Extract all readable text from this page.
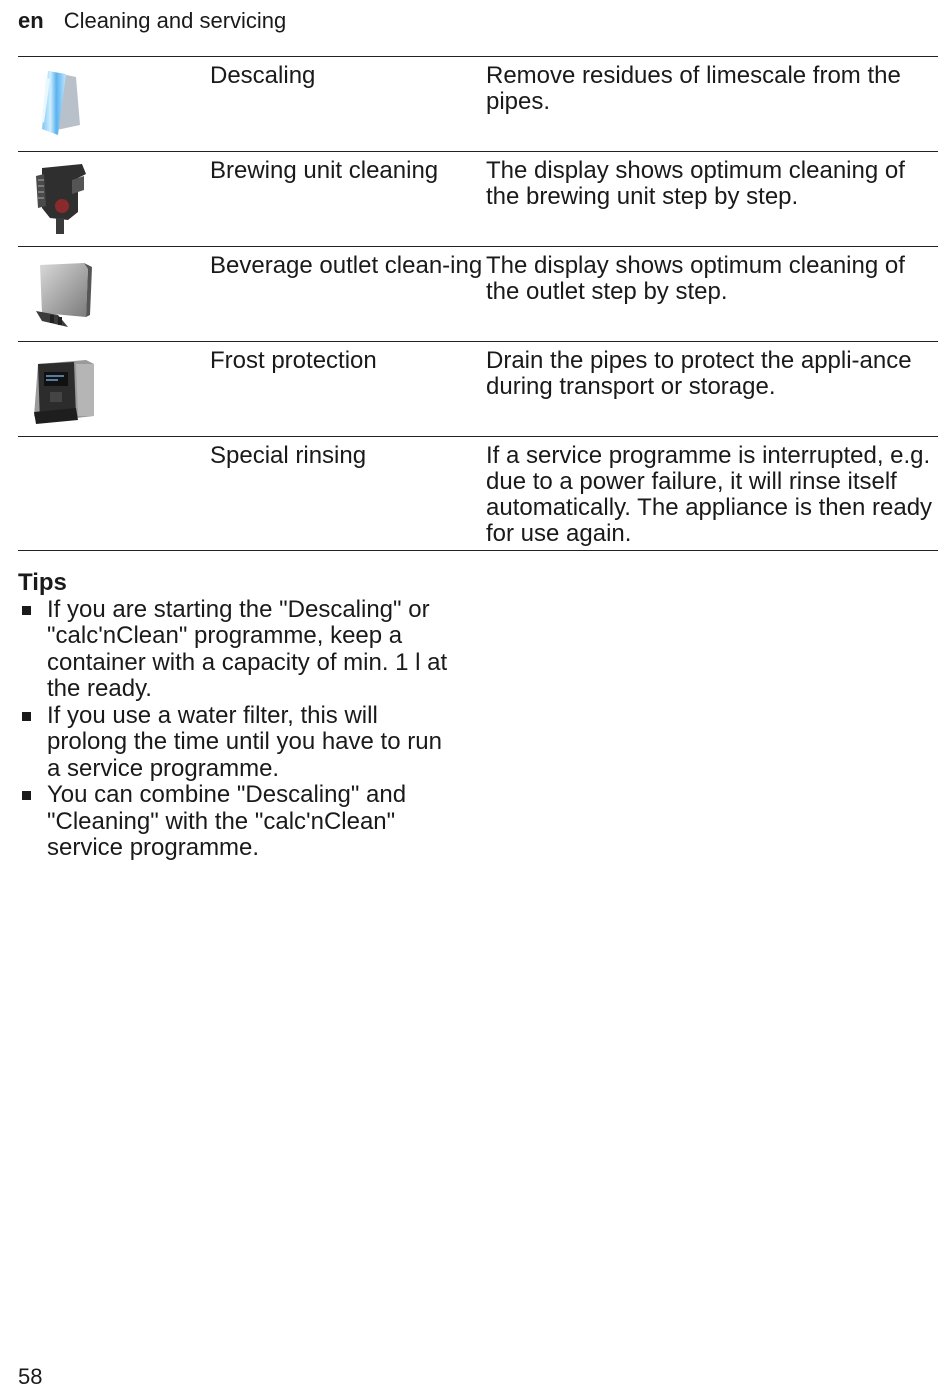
en Cleaning and servicing
	Descaling	Remove residues of limescale from the pipes.

	Brewing unit cleaning	The display shows optimum cleaning of the brewing unit step by step.

	Beverage outlet clean-ing	The display shows optimum cleaning of the outlet step by step.

	Frost protection	Drain the pipes to protect the appli-ance during transport or storage.
	Special rinsing	If a service programme is interrupted, e.g. due to a power failure, it will rinse itself automatically. The appliance is then ready for use again.
Tips
If you are starting the "Descaling" or "calc'nClean" programme, keep a container with a capacity of min. 1 l at the ready.
If you use a water filter, this will prolong the time until you have to run a service programme.
You can combine "Descaling" and "Cleaning" with the "calc'nClean" service programme.
58
